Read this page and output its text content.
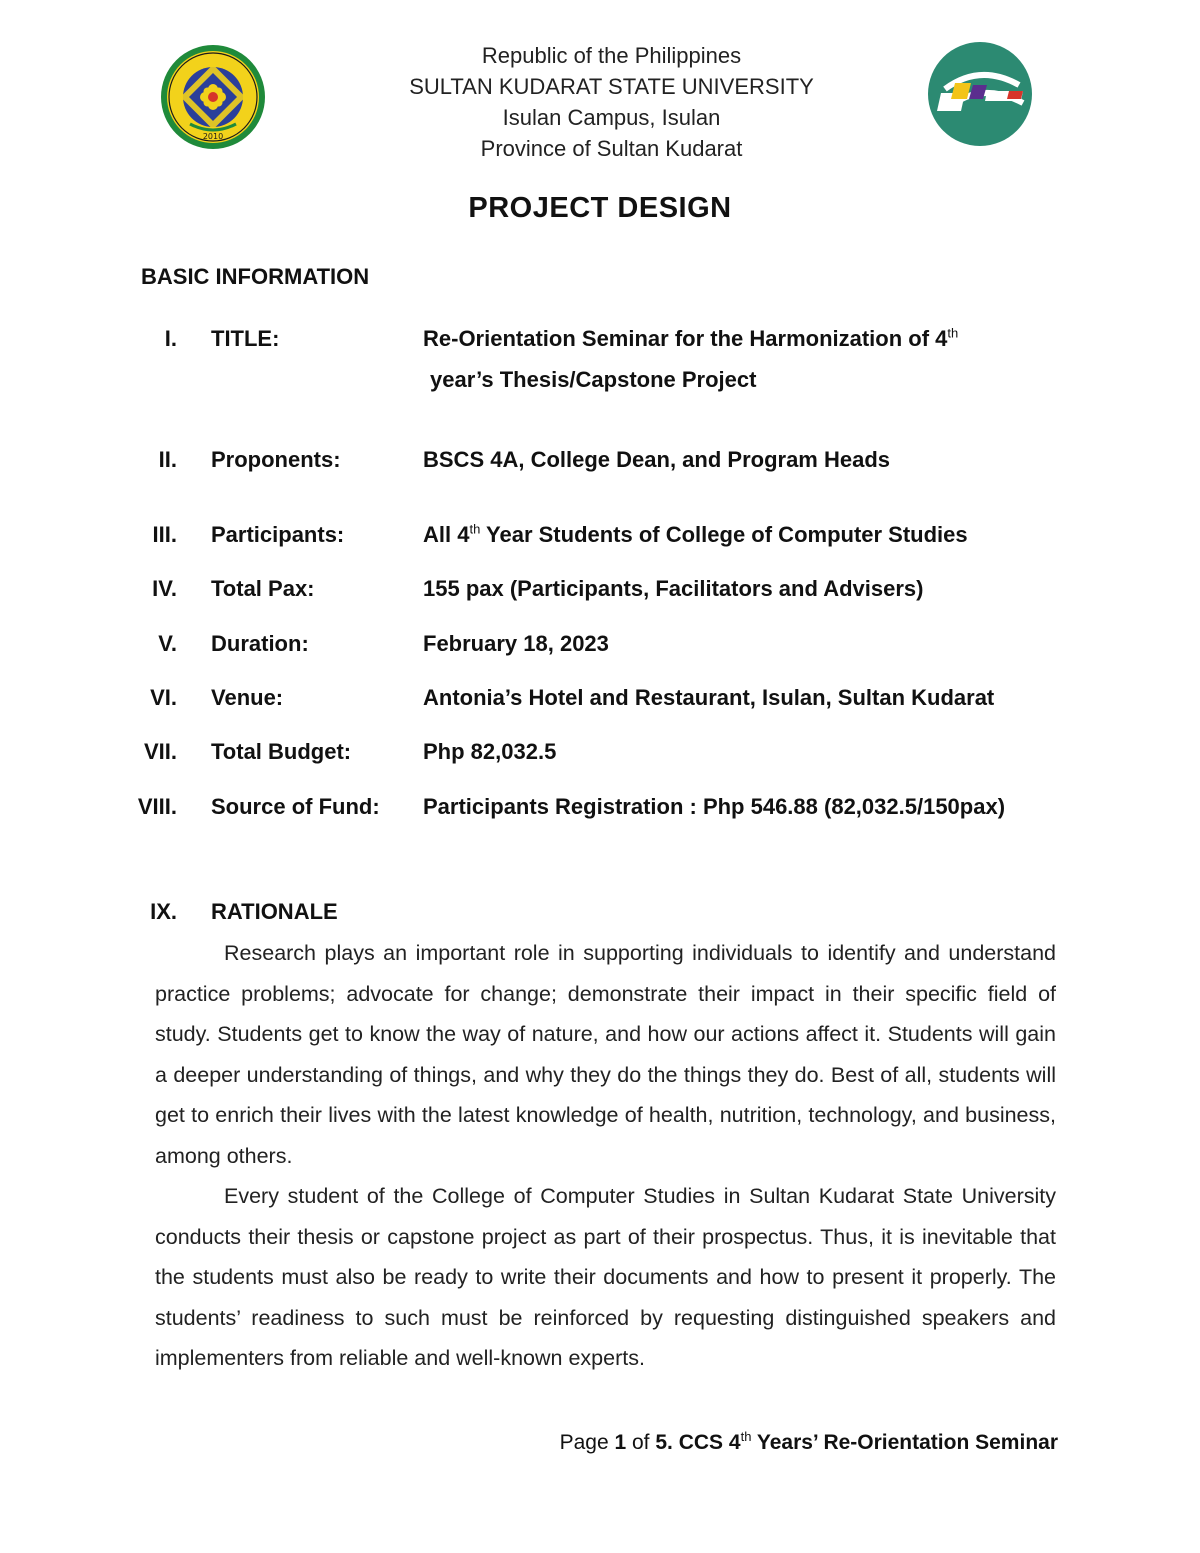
2010
Republic of the Philippines
SULTAN KUDARAT STATE UNIVERSITY
Isulan Campus, Isulan
Province of Sultan Kudarat
PROJECT DESIGN
BASIC INFORMATION
I. TITLE:	Re-Orientation Seminar for the Harmonization of 4th
year’s Thesis/Capstone Project
II. Proponents:	BSCS 4A, College Dean, and Program Heads
III. Participants:	All 4th Year Students of College of Computer Studies
IV. Total Pax:	155 pax (Participants, Facilitators and Advisers)
V. Duration:	February 18, 2023
VI. Venue:	Antonia’s Hotel and Restaurant, Isulan, Sultan Kudarat
VII. Total Budget:	Php 82,032.5
VIII. Source of Fund: Participants Registration : Php 546.88 (82,032.5/150pax)
IX. RATIONALE
Research plays an important role in supporting individuals to identify and understand practice problems; advocate for change; demonstrate their impact in their specific field of study. Students get to know the way of nature, and how our actions affect it. Students will gain a deeper understanding of things, and why they do the things they do. Best of all, students will get to enrich their lives with the latest knowledge of health, nutrition, technology, and business, among others.
Every student of the College of Computer Studies in Sultan Kudarat State University conducts their thesis or capstone project as part of their prospectus. Thus, it is inevitable that the students must also be ready to write their documents and how to present it properly. The students’ readiness to such must be reinforced by requesting distinguished speakers and implementers from reliable and well-known experts.
Page 1 of 5. CCS 4th Years’ Re-Orientation Seminar
